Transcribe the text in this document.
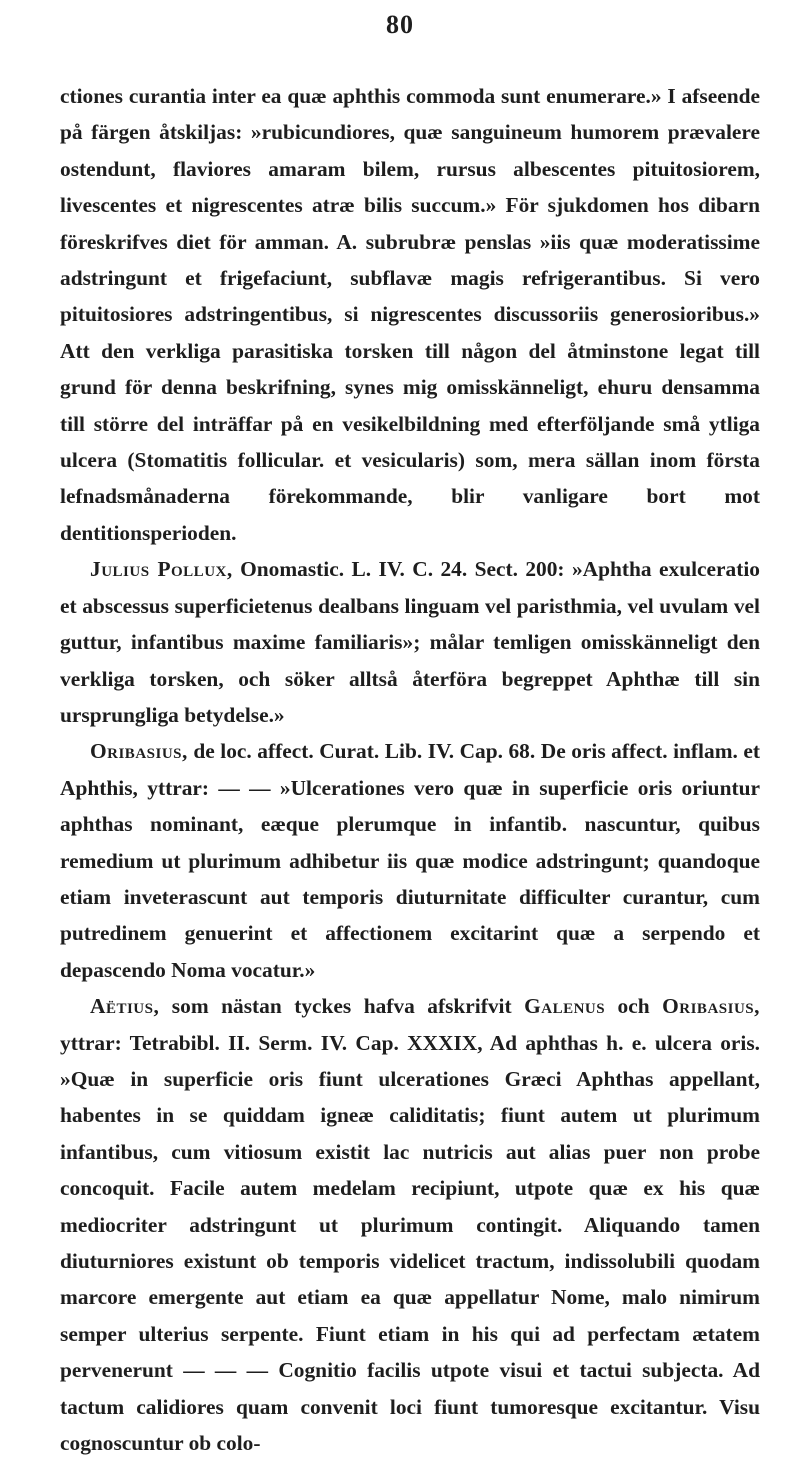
80

ctiones curantia inter ea quæ aphthis commoda sunt enumerare.» I afseende på färgen åtskiljas: »rubicundiores, quæ sanguineum humorem prævalere ostendunt, flaviores amaram bilem, rursus albescentes pituitosiorem, livescentes et nigrescentes atræ bilis succum.» För sjukdomen hos dibarn föreskrifves diet för amman. A. subrubræ penslas »iis quæ moderatissime adstringunt et frigefaciunt, subflavæ magis refrigerantibus. Si vero pituitosiores adstringentibus, si nigrescentes discussoriis generosioribus.» Att den verkliga parasitiska torsken till någon del åtminstone legat till grund för denna beskrifning, synes mig omisskänneligt, ehuru densamma till större del inträffar på en vesikelbildning med efterföljande små ytliga ulcera (Stomatitis follicular. et vesicularis) som, mera sällan inom första lefnadsmånaderna förekommande, blir vanligare bort mot dentitionsperioden.

Julius Pollux, Onomastic. L. IV. C. 24. Sect. 200: »Aphtha exulceratio et abscessus superficietenus dealbans linguam vel paristhmia, vel uvulam vel guttur, infantibus maxime familiaris»; målar temligen omisskänneligt den verkliga torsken, och söker alltså återföra begreppet Aphthæ till sin ursprungliga betydelse.»

Oribasius, de loc. affect. Curat. Lib. IV. Cap. 68. De oris affect. inflam. et Aphthis, yttrar: — — »Ulcerationes vero quæ in superficie oris oriuntur aphthas nominant, eæque plerumque in infantib. nascuntur, quibus remedium ut plurimum adhibetur iis quæ modice adstringunt; quandoque etiam inveterascunt aut temporis diuturnitate difficulter curantur, cum putredinem genuerint et affectionem excitarint quæ a serpendo et depascendo Noma vocatur.»

Aëtius, som nästan tyckes hafva afskrifvit Galenus och Oribasius, yttrar: Tetrabibl. II. Serm. IV. Cap. XXXIX, Ad aphthas h. e. ulcera oris. »Quæ in superficie oris fiunt ulcerationes Græci Aphthas appellant, habentes in se quiddam igneæ caliditatis; fiunt autem ut plurimum infantibus, cum vitiosum existit lac nutricis aut alias puer non probe concoquit. Facile autem medelam recipiunt, utpote quæ ex his quæ mediocriter adstringunt ut plurimum contingit. Aliquando tamen diuturniores existunt ob temporis videlicet tractum, indissolubili quodam marcore emergente aut etiam ea quæ appellatur Nome, malo nimirum semper ulterius serpente. Fiunt etiam in his qui ad perfectam ætatem pervenerunt — — — Cognitio facilis utpote visui et tactui subjecta. Ad tactum calidiores quam convenit loci fiunt tumoresque excitantur. Visu cognoscuntur ob colo-
